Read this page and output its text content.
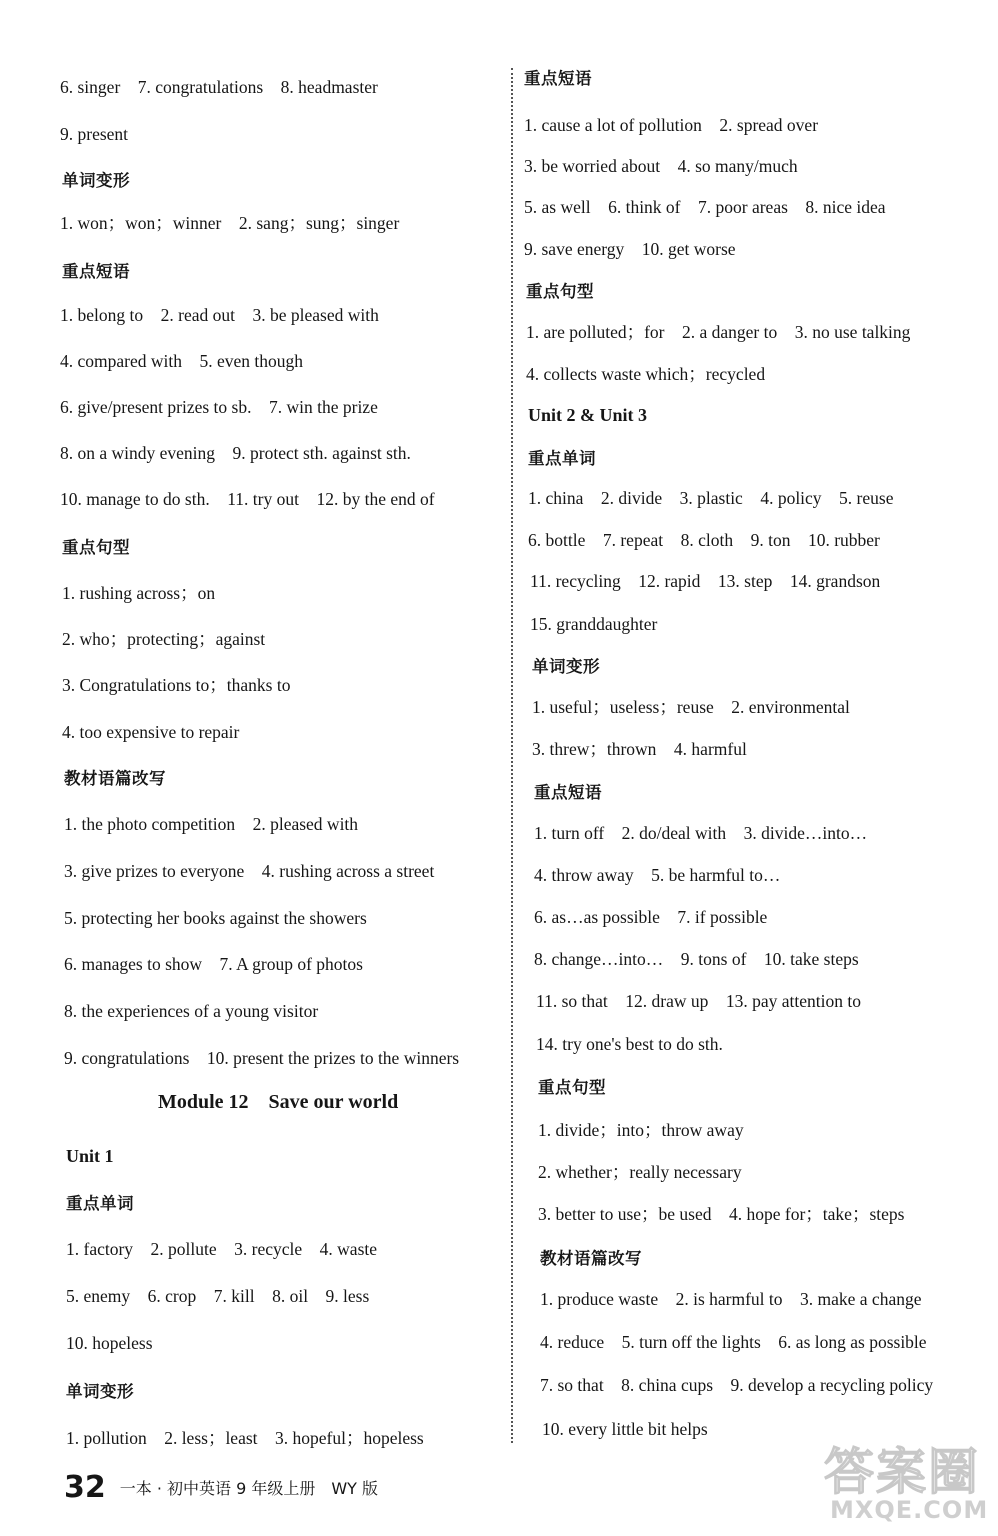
6. singer　7. congratulations　8. headmaster
9. present
单词变形
1. won；won；winner　2. sang；sung；singer
重点短语
1. belong to　2. read out　3. be pleased with
4. compared with　5. even though
6. give/present prizes to sb.　7. win the prize
8. on a windy evening　9. protect sth. against sth.
10. manage to do sth.　11. try out　12. by the end of
重点句型
1. rushing across；on
2. who；protecting；against
3. Congratulations to；thanks to
4. too expensive to repair
教材语篇改写
1. the photo competition　2. pleased with
3. give prizes to everyone　4. rushing across a street
5. protecting her books against the showers
6. manages to show　7. A group of photos
8. the experiences of a young visitor
9. congratulations　10. present the prizes to the winners
Module 12　Save our world
Unit 1
重点单词
1. factory　2. pollute　3. recycle　4. waste
5. enemy　6. crop　7. kill　8. oil　9. less
10. hopeless
单词变形
1. pollution　2. less；least　3. hopeful；hopeless
重点短语
1. cause a lot of pollution　2. spread over
3. be worried about　4. so many/much
5. as well　6. think of　7. poor areas　8. nice idea
9. save energy　10. get worse
重点句型
1. are polluted；for　2. a danger to　3. no use talking
4. collects waste which；recycled
Unit 2 & Unit 3
重点单词
1. china　2. divide　3. plastic　4. policy　5. reuse
6. bottle　7. repeat　8. cloth　9. ton　10. rubber
11. recycling　12. rapid　13. step　14. grandson
15. granddaughter
单词变形
1. useful；useless；reuse　2. environmental
3. threw；thrown　4. harmful
重点短语
1. turn off　2. do/deal with　3. divide…into…
4. throw away　5. be harmful to…
6. as…as possible　7. if possible
8. change…into…　9. tons of　10. take steps
11. so that　12. draw up　13. pay attention to
14. try one's best to do sth.
重点句型
1. divide；into；throw away
2. whether；really necessary
3. better to use；be used　4. hope for；take；steps
教材语篇改写
1. produce waste　2. is harmful to　3. make a change
4. reduce　5. turn off the lights　6. as long as possible
7. so that　8. china cups　9. develop a recycling policy
10. every little bit helps
32 一本 · 初中英语 9 年级上册　WY 版	答案圈
MXQE.COM
